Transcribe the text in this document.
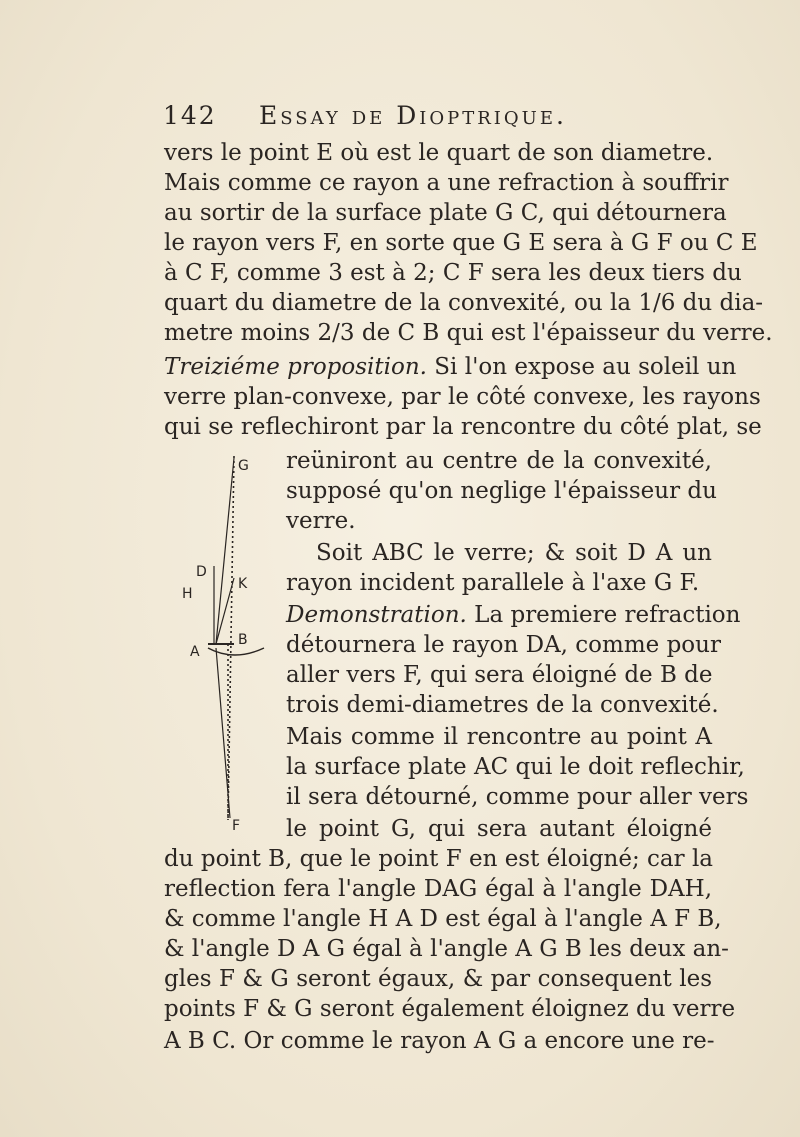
142 Essay de Dioptrique.
vers le point E où est le quart de son diametre.
Mais comme ce rayon a une refraction à souffrir
au sortir de la surface plate G C, qui détournera
le rayon vers F, en sorte que G E sera à G F ou C E
à C F, comme 3 est à 2; C F sera les deux tiers du
quart du diametre de la convexité, ou la 1/6 du dia-
metre moins 2/3 de C B qui est l'épaisseur du verre.
Treiziéme proposition. Si l'on expose au soleil un
verre plan-convexe, par le côté convexe, les rayons
qui se reflechiront par la rencontre du côté plat, se
reüniront au centre de la convexité,
supposé qu'on neglige l'épaisseur du
verre.
Soit ABC le verre; & soit D A un
rayon incident parallele à l'axe G F.
Demonstration. La premiere refraction
détournera le rayon DA, comme pour
aller vers F, qui sera éloigné de B de
trois demi-diametres de la convexité.
Mais comme il rencontre au point A
la surface plate AC qui le doit reflechir,
il sera détourné, comme pour aller vers
le point G, qui sera autant éloigné
du point B, que le point F en est éloigné; car la
reflection fera l'angle DAG égal à l'angle DAH,
& comme l'angle H A D est égal à l'angle A F B,
& l'angle D A G égal à l'angle A G B les deux an-
gles F & G seront égaux, & par consequent les
points F & G seront également éloignez du verre
A B C. Or comme le rayon A G a encore une re-
G
D
K
H
A
B
F
